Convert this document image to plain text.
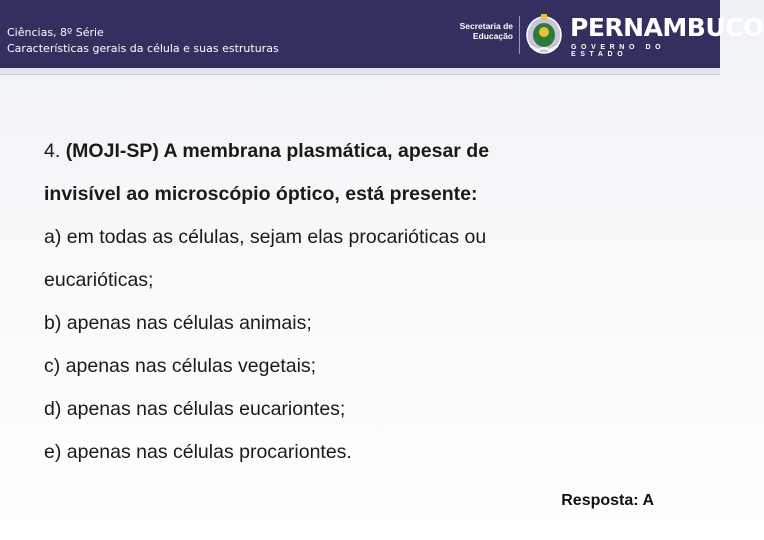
Ciências, 8º Série
Características gerais da célula e suas estruturas
Secretaria de
Educação PERNAMBUCO
GOVERNO DO ESTADO

4. (MOJI-SP) A membrana plasmática, apesar de

invisível ao microscópio óptico, está presente:

a) em todas as células, sejam elas procarióticas ou

eucarióticas;

b) apenas nas células animais;

c) apenas nas células vegetais;

d) apenas nas células eucariontes;

e) apenas nas células procariontes.

Resposta: A
